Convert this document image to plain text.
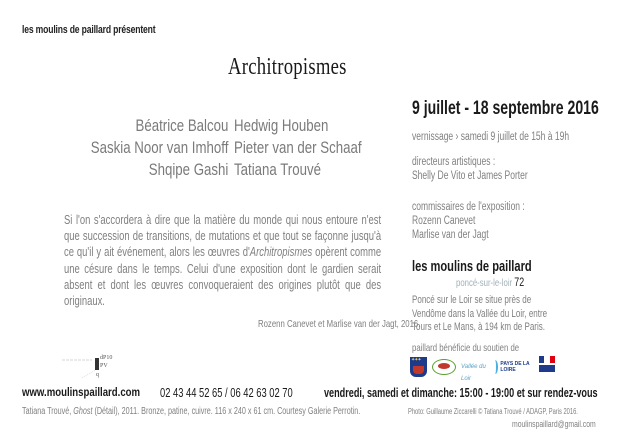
les moulins de paillard présentent
Architropismes
Béatrice Balcou
Saskia Noor van Imhoff
Shqipe Gashi
Hedwig Houben
Pieter van der Schaaf
Tatiana Trouvé
9 juillet - 18 septembre 2016
vernissage › samedi 9 juillet de 15h à 19h
directeurs artistiques :
Shelly De Vito et James Porter
commissaires de l'exposition :
Rozenn Canevet
Marlise van der Jagt
les moulins de paillard
poncé-sur-le-loir 72
Poncé sur le Loir se situe près de
Vendôme dans la Vallée du Loir, entre
Tours et Le Mans, à 194 km de Paris.
paillard bénéficie du soutien de
✦✦✦
Vallée du Loir
PAYS DE LA LOIRE
Si l'on s'accordera à dire que la matière du monde qui nous entoure n'est que succession de transitions, de mutations et que tout se façonne jusqu'à ce qu'il y ait événement, alors les œuvres d'Architropismes opèrent comme une césure dans le temps. Celui d'une exposition dont le gardien serait absent et dont les œuvres convoqueraient des origines plutôt que des originaux.
Rozenn Canevet et Marlise van der Jagt, 2016.
dP10
PV
q
www.moulinspaillard.com 02 43 44 52 65 / 06 42 63 02 70 vendredi, samedi et dimanche: 15:00 - 19:00 et sur rendez-vous
Tatiana Trouvé, Ghost (Détail), 2011. Bronze, patine, cuivre. 116 x 240 x 61 cm. Courtesy Galerie Perrotin.	Photo: Guillaume Ziccarelli © Tatiana Trouvé / ADAGP, Paris 2016.
moulinspaillard@gmail.com
